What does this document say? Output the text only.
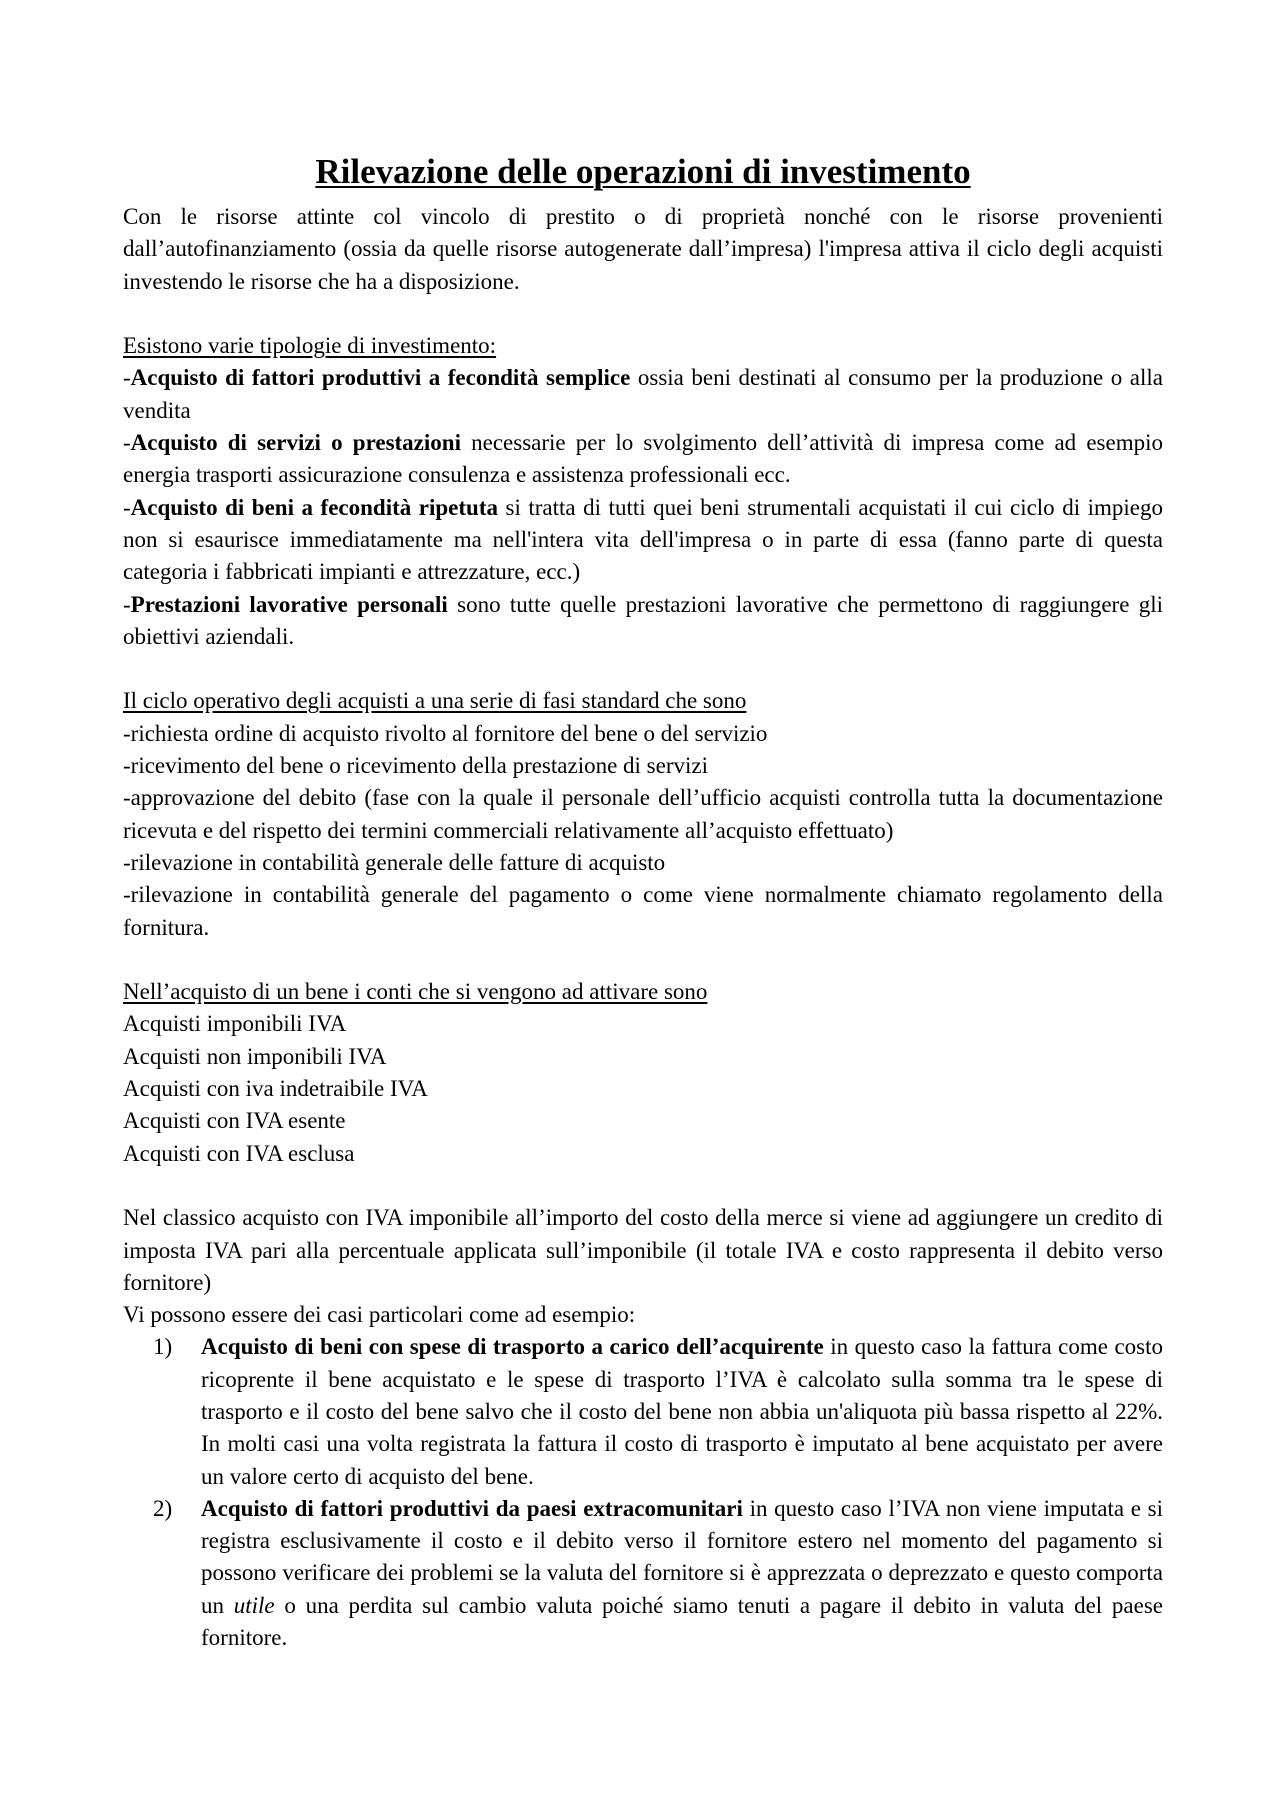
Rilevazione delle operazioni di investimento

Con le risorse attinte col vincolo di prestito o di proprietà nonché con le risorse provenienti dall’autofinanziamento (ossia da quelle risorse autogenerate dall’impresa) l'impresa attiva il ciclo degli acquisti investendo le risorse che ha a disposizione.

Esistono varie tipologie di investimento:

-Acquisto di fattori produttivi a fecondità semplice ossia beni destinati al consumo per la produzione o alla vendita

-Acquisto di servizi o prestazioni necessarie per lo svolgimento dell’attività di impresa come ad esempio energia trasporti assicurazione consulenza e assistenza professionali ecc.

-Acquisto di beni a fecondità ripetuta si tratta di tutti quei beni strumentali acquistati il cui ciclo di impiego non si esaurisce immediatamente ma nell'intera vita dell'impresa o in parte di essa (fanno parte di questa categoria i fabbricati impianti e attrezzature, ecc.)

-Prestazioni lavorative personali sono tutte quelle prestazioni lavorative che permettono di raggiungere gli obiettivi aziendali.

Il ciclo operativo degli acquisti a una serie di fasi standard che sono

-richiesta ordine di acquisto rivolto al fornitore del bene o del servizio

-ricevimento del bene o ricevimento della prestazione di servizi

-approvazione del debito (fase con la quale il personale dell’ufficio acquisti controlla tutta la documentazione ricevuta e del rispetto dei termini commerciali relativamente all’acquisto effettuato)

-rilevazione in contabilità generale delle fatture di acquisto

-rilevazione in contabilità generale del pagamento o come viene normalmente chiamato regolamento della fornitura.

Nell’acquisto di un bene i conti che si vengono ad attivare sono

Acquisti imponibili IVA

Acquisti non imponibili IVA

Acquisti con iva indetraibile IVA

Acquisti con IVA esente

Acquisti con IVA esclusa

Nel classico acquisto con IVA imponibile all’importo del costo della merce si viene ad aggiungere un credito di imposta IVA pari alla percentuale applicata sull’imponibile (il totale IVA e costo rappresenta il debito verso fornitore)

Vi possono essere dei casi particolari come ad esempio:

1)	Acquisto di beni con spese di trasporto a carico dell’acquirente in questo caso la fattura come costo ricoprente il bene acquistato e le spese di trasporto l’IVA è calcolato sulla somma tra le spese di trasporto e il costo del bene salvo che il costo del bene non abbia un'aliquota più bassa rispetto al 22%. In molti casi una volta registrata la fattura il costo di trasporto è imputato al bene acquistato per avere un valore certo di acquisto del bene.
2)	Acquisto di fattori produttivi da paesi extracomunitari in questo caso l’IVA non viene imputata e si registra esclusivamente il costo e il debito verso il fornitore estero nel momento del pagamento si possono verificare dei problemi se la valuta del fornitore si è apprezzata o deprezzato e questo comporta un utile o una perdita sul cambio valuta poiché siamo tenuti a pagare il debito in valuta del paese fornitore.
